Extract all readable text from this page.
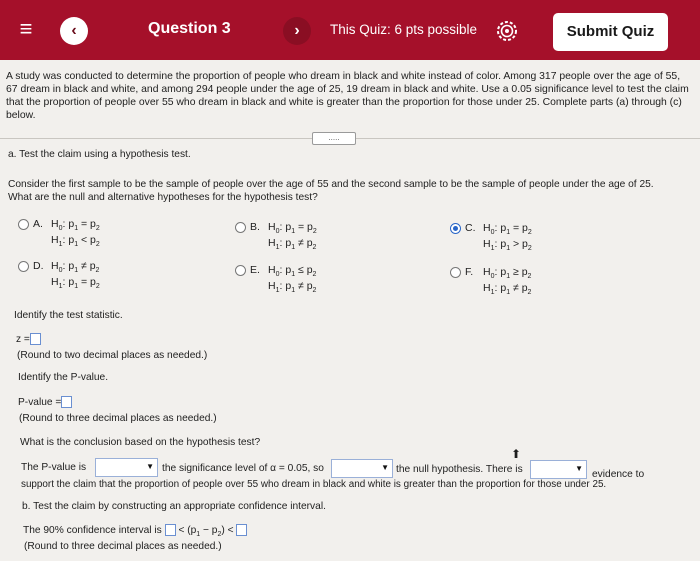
≡	‹	Question 3	›	This Quiz: 6 pts possible	Submit Quiz
A study was conducted to determine the proportion of people who dream in black and white instead of color. Among 317 people over the age of 55, 67 dream in black and white, and among 294 people under the age of 25, 19 dream in black and white. Use a 0.05 significance level to test the claim that the proportion of people over 55 who dream in black and white is greater than the proportion for those under 25. Complete parts (a) through (c) below.
.....
a. Test the claim using a hypothesis test.
Consider the first sample to be the sample of people over the age of 55 and the second sample to be the sample of people under the age of 25. What are the null and alternative hypotheses for the hypothesis test?
A. $H_0$: $p_1 = p_2$
$H_1$: $p_1 < p_2$
B. $H_0$: $p_1 = p_2$
$H_1$: $p_1 \ne p_2$
C. $H_0$: $p_1 = p_2$
$H_1$: $p_1 > p_2$
D. $H_0$: $p_1 \ne p_2$
$H_1$: $p_1 = p_2$
E. $H_0$: $p_1 \le p_2$
$H_1$: $p_1 \ne p_2$
F. $H_0$: $p_1 \ge p_2$
$H_1$: $p_1 \ne p_2$
Identify the test statistic.
z =
(Round to two decimal places as needed.)
Identify the P-value.
P-value =
(Round to three decimal places as needed.)
What is the conclusion based on the hypothesis test?
The P-value is	▼ the significance level of α = 0.05, so	▼ the null hypothesis. There is	▼
evidence to
support the claim that the proportion of people over 55 who dream in black and white is greater than the proportion for those under 25.
⬆
b. Test the claim by constructing an appropriate confidence interval.
The 90% confidence interval is < $(p_1 - p_2)$ <
(Round to three decimal places as needed.)
